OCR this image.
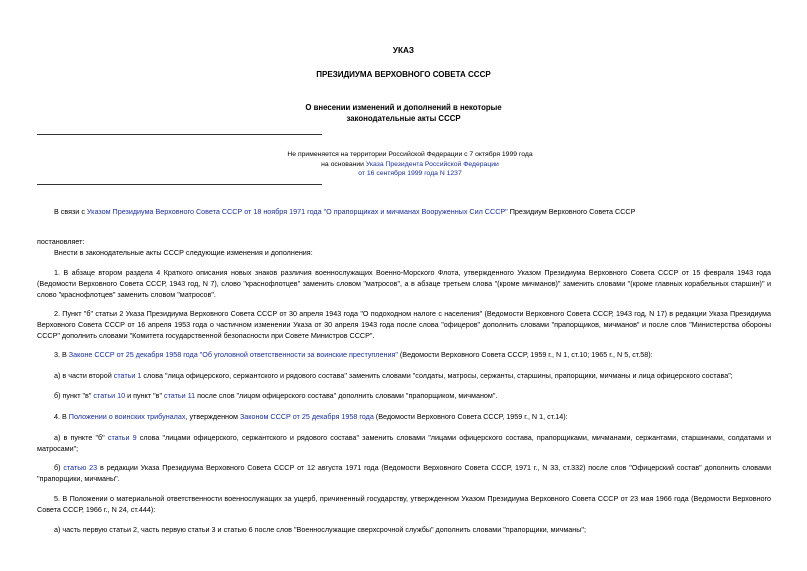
УКАЗ
ПРЕЗИДИУМА ВЕРХОВНОГО СОВЕТА СССР
О внесении изменений и дополнений в некоторые
законодательные акты СССР
Не применяется на территории Российской Федерации с 7 октября 1999 года
на основании Указа Президента Российской Федерации
от 16 сентября 1999 года N 1237
В связи с Указом Президиума Верховного Совета СССР от 18 ноября 1971 года "О прапорщиках и мичманах Вооруженных Сил СССР" Президиум Верховного Совета СССР
постановляет:
Внести в законодательные акты СССР следующие изменения и дополнения:
1. В абзаце втором раздела 4 Краткого описания новых знаков различия военнослужащих Военно-Морского Флота, утвержденного Указом Президиума Верховного Совета СССР от 15 февраля 1943 года (Ведомости Верховного Совета СССР, 1943 год, N 7), слово "краснофлотцев" заменить словом "матросов", а в абзаце третьем слова "(кроме мичманов)" заменить словами "(кроме главных корабельных старшин)" и слово "краснофлотцев" заменить словом "матросов".
2. Пункт "б" статьи 2 Указа Президиума Верховного Совета СССР от 30 апреля 1943 года "О подоходном налоге с населения" (Ведомости Верховного Совета СССР, 1943 год, N 17) в редакции Указа Президиума Верховного Совета СССР от 16 апреля 1953 года о частичном изменении Указа от 30 апреля 1943 года после слова "офицеров" дополнить словами "прапорщиков, мичманов" и после слов "Министерства обороны СССР" дополнить словами "Комитета государственной безопасности при Совете Министров СССР".
3. В Законе СССР от 25 декабря 1958 года "Об уголовной ответственности за воинские преступления" (Ведомости Верховного Совета СССР, 1959 г., N 1, ст.10; 1965 г., N 5, ст.58):
а) в части второй статьи 1 слова "лица офицерского, сержантского и рядового состава" заменить словами "солдаты, матросы, сержанты, старшины, прапорщики, мичманы и лица офицерского состава";
б) пункт "в" статьи 10 и пункт "в" статьи 11 после слов "лицом офицерского состава" дополнить словами "прапорщиком, мичманом".
4. В Положении о воинских трибуналах, утвержденном Законом СССР от 25 декабря 1958 года (Ведомости Верховного Совета СССР, 1959 г., N 1, ст.14):
а) в пункте "б" статьи 9 слова "лицами офицерского, сержантского и рядового состава" заменить словами "лицами офицерского состава, прапорщиками, мичманами, сержантами, старшинами, солдатами и матросами";
б) статью 23 в редакции Указа Президиума Верховного Совета СССР от 12 августа 1971 года (Ведомости Верховного Совета СССР, 1971 г., N 33, ст.332) после слов "Офицерский состав" дополнить словами "прапорщики, мичманы".
5. В Положении о материальной ответственности военнослужащих за ущерб, причиненный государству, утвержденном Указом Президиума Верховного Совета СССР от 23 мая 1966 года (Ведомости Верховного Совета СССР, 1966 г., N 24, ст.444):
а) часть первую статьи 2, часть первую статьи 3 и статью 6 после слов "Военнослужащие сверхсрочной службы" дополнить словами "прапорщики, мичманы";
